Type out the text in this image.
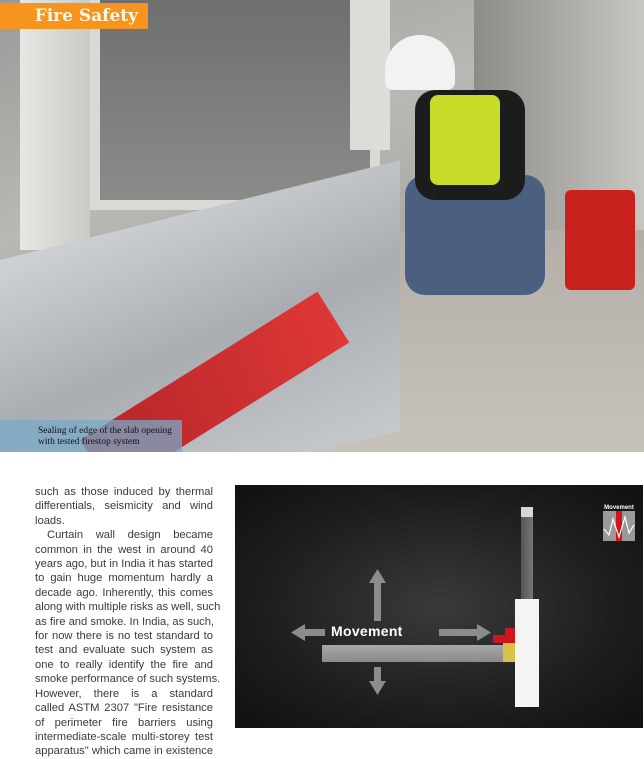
Fire Safety
Sealing of edge of the slab opening
with tested firestop system
such as those induced by thermal
differentials, seismicity and wind
loads.
Curtain wall design became
common in the west in around 40
years ago, but in India it has started
to gain huge momentum hardly a
decade ago. Inherently, this comes
along with multiple risks as well, such
as fire and smoke. In India, as such,
for now there is no test standard to
test and evaluate such system as
one to really identify the fire and
smoke performance of such systems.
However, there is a standard
called ASTM 2307 "Fire resistance
of perimeter fire barriers using
intermediate-scale multi-storey test
apparatus" which came in existence
Movement
Movement
